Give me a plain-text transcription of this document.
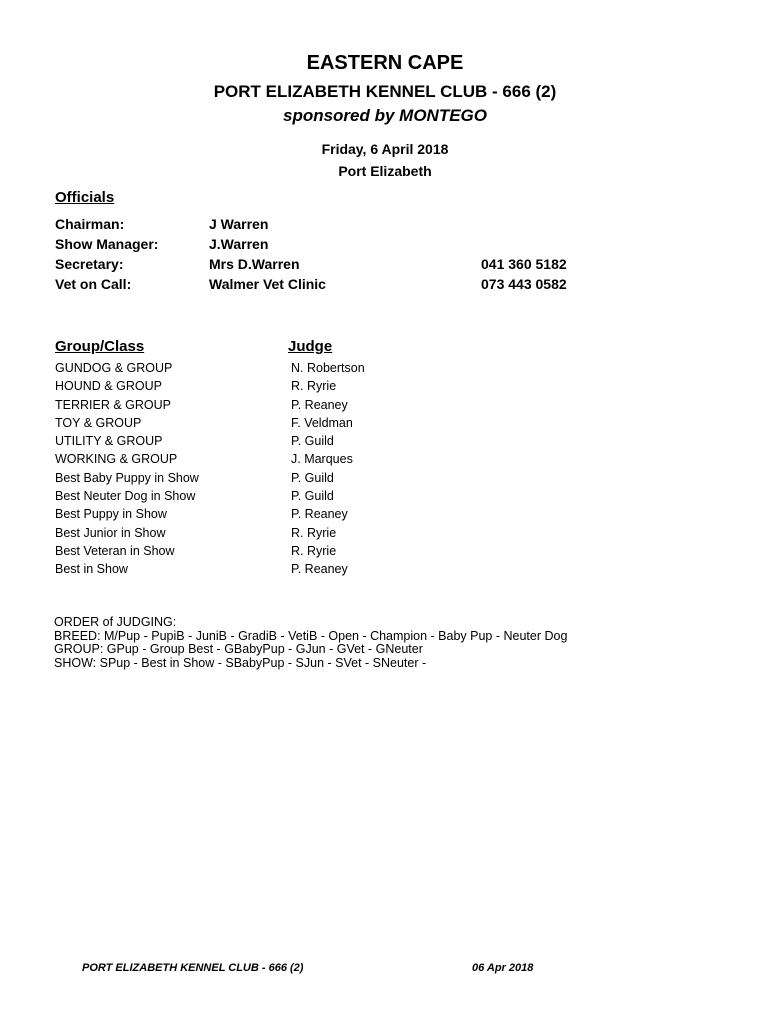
EASTERN CAPE
PORT ELIZABETH KENNEL CLUB - 666 (2)
sponsored by MONTEGO
Friday, 6 April 2018
Port Elizabeth
Officials
Chairman:	J Warren
Show Manager:	J.Warren
Secretary:	Mrs D.Warren	041 360 5182
Vet on Call:	Walmer Vet Clinic	073 443 0582
Group/Class	Judge
GUNDOG & GROUP	N. Robertson
HOUND & GROUP	R. Ryrie
TERRIER & GROUP	P. Reaney
TOY & GROUP	F. Veldman
UTILITY & GROUP	P. Guild
WORKING & GROUP	J. Marques
Best Baby Puppy in Show	P. Guild
Best Neuter Dog in Show	P. Guild
Best Puppy in Show	P. Reaney
Best Junior in Show	R. Ryrie
Best Veteran in Show	R. Ryrie
Best in Show	P. Reaney
ORDER of JUDGING:
BREED: M/Pup - PupiB - JuniB - GradiB - VetiB - Open - Champion - Baby Pup - Neuter Dog
GROUP: GPup - Group Best - GBabyPup - GJun - GVet - GNeuter
SHOW: SPup - Best in Show - SBabyPup - SJun - SVet - SNeuter -
PORT ELIZABETH KENNEL CLUB - 666 (2)	06 Apr 2018
